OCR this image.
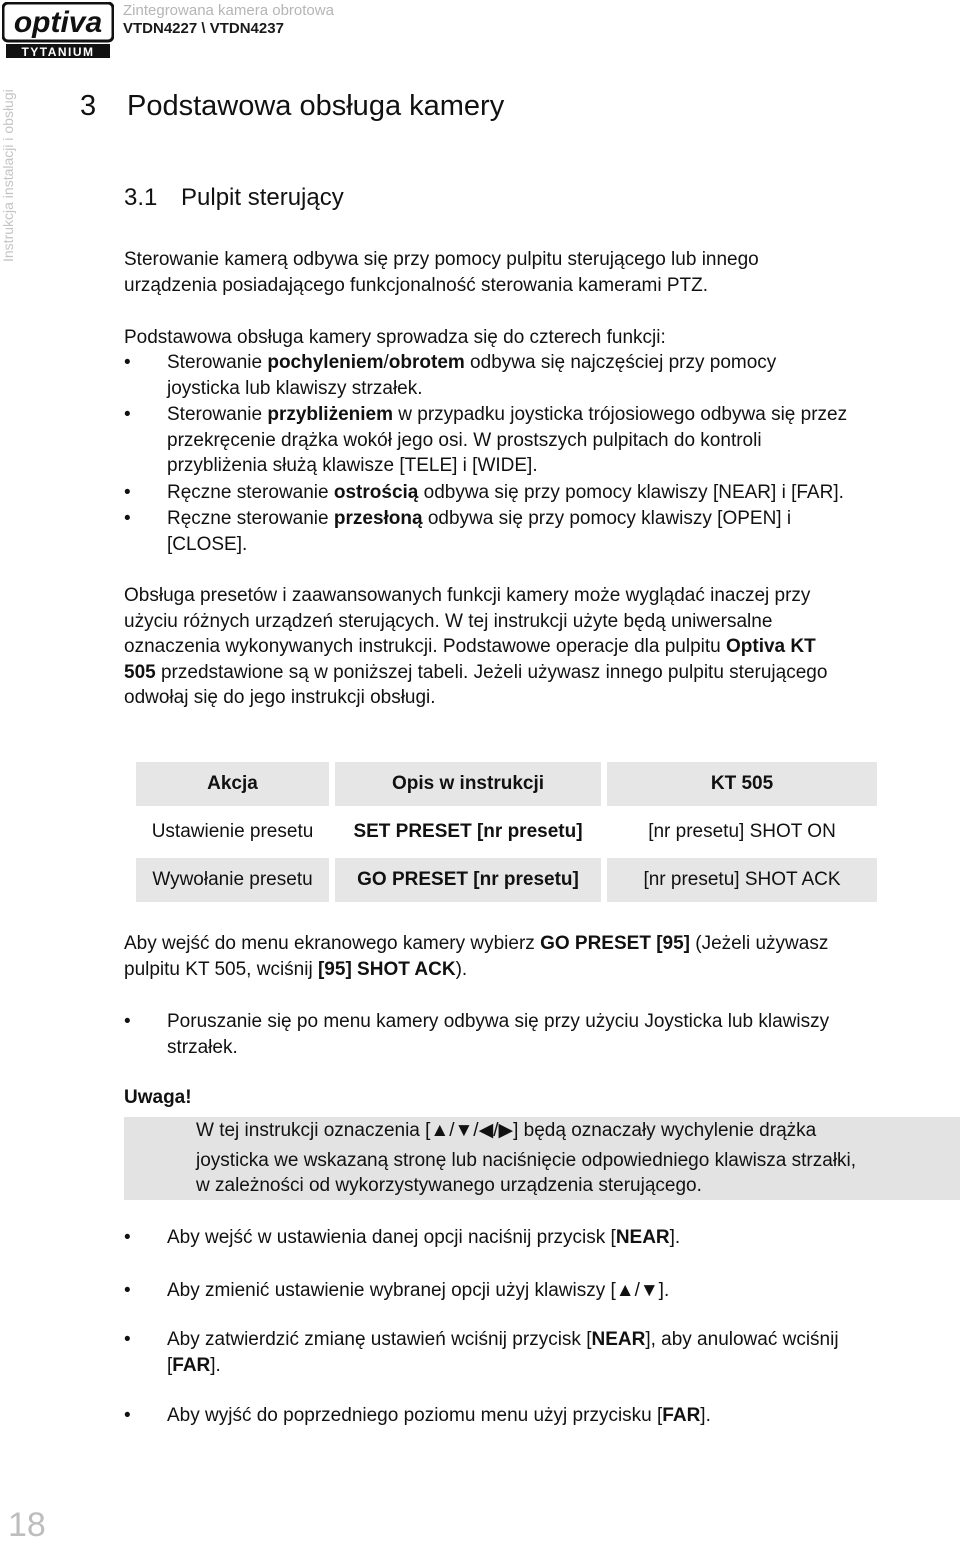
optiva
TYTANIUM
Zintegrowana kamera obrotowa
VTDN4227 \ VTDN4237
Instrukcja instalacji i obsługi 3 Podstawowa obsługa kamery
3.1 Pulpit sterujący
Sterowanie kamerą odbywa się przy pomocy pulpitu sterującego lub innego
urządzenia posiadającego funkcjonalność sterowania kamerami PTZ.
Podstawowa obsługa kamery sprowadza się do czterech funkcji:
•	Sterowanie pochyleniem/obrotem odbywa się najczęściej przy pomocy
joysticka lub klawiszy strzałek.
•	Sterowanie przybliżeniem w przypadku joysticka trójosiowego odbywa się przez
przekręcenie drążka wokół jego osi. W prostszych pulpitach do kontroli
przybliżenia służą klawisze [TELE] i [WIDE].
•	Ręczne sterowanie ostrością odbywa się przy pomocy klawiszy [NEAR] i [FAR].
•	Ręczne sterowanie przesłoną odbywa się przy pomocy klawiszy [OPEN] i
[CLOSE].
Obsługa presetów i zaawansowanych funkcji kamery może wyglądać inaczej przy
użyciu różnych urządzeń sterujących. W tej instrukcji użyte będą uniwersalne
oznaczenia wykonywanych instrukcji. Podstawowe operacje dla pulpitu Optiva KT
505 przedstawione są w poniższej tabeli. Jeżeli używasz innego pulpitu sterującego
odwołaj się do jego instrukcji obsługi.
Akcja	Opis w instrukcji	KT 505
Ustawienie presetu	SET PRESET [nr presetu]	[nr presetu] SHOT ON
Wywołanie presetu	GO PRESET [nr presetu]	[nr presetu] SHOT ACK
Aby wejść do menu ekranowego kamery wybierz GO PRESET [95] (Jeżeli używasz
pulpitu KT 505, wciśnij [95] SHOT ACK).
•	Poruszanie się po menu kamery odbywa się przy użyciu Joysticka lub klawiszy
strzałek.
Uwaga!
W tej instrukcji oznaczenia [▲/▼/◀/▶] będą oznaczały wychylenie drążka
joysticka we wskazaną stronę lub naciśnięcie odpowiedniego klawisza strzałki,
w zależności od wykorzystywanego urządzenia sterującego.
•	Aby wejść w ustawienia danej opcji naciśnij przycisk [NEAR].
•	Aby zmienić ustawienie wybranej opcji użyj klawiszy [▲/▼].
•	Aby zatwierdzić zmianę ustawień wciśnij przycisk [NEAR], aby anulować wciśnij
[FAR].
•	Aby wyjść do poprzedniego poziomu menu użyj przycisku [FAR].
18
